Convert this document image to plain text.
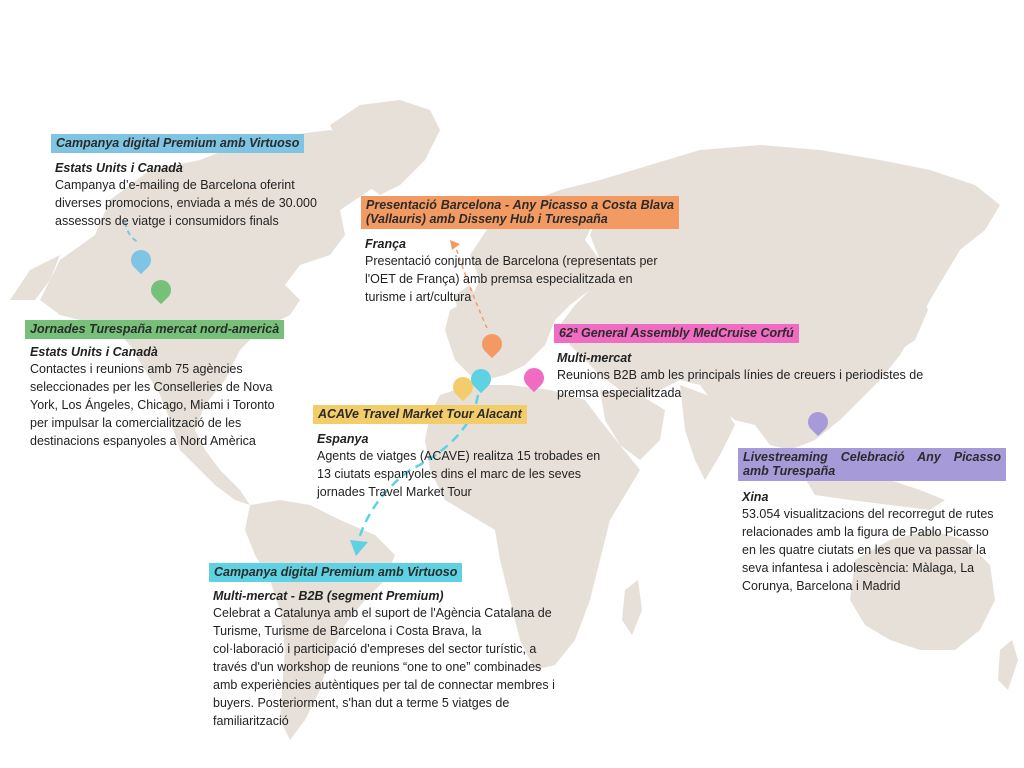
Campanya digital Premium amb Virtuoso
Estats Units i Canadà
Campanya d’e-mailing de Barcelona oferint diverses promocions, enviada a més de 30.000 assessors de viatge i consumidors finals
Jornades Turespaña mercat nord-americà
Estats Units i Canadà
Contactes i reunions amb 75 agències seleccionades per les Conselleries de Nova York, Los Ángeles, Chicago, Miami i Toronto per impulsar la comercialització de les destinacions espanyoles a Nord Amèrica
Presentació Barcelona - Any Picasso a Costa Blava (Vallauris) amb Disseny Hub i Turespaña
França
Presentació conjunta de Barcelona (representats per l'OET de França) amb premsa especialitzada en turisme i art/cultura
62ª General Assembly MedCruise Corfú
Multi-mercat
Reunions B2B amb les principals línies de creuers i periodistes de premsa especialitzada
ACAVe Travel Market Tour Alacant
Espanya
Agents de viatges (ACAVE) realitza 15 trobades en 13 ciutats espanyoles dins el marc de les seves jornades Travel Market Tour
Livestreaming Celebració Any Picasso amb Turespaña
Xina
53.054 visualitzacions del recorregut de rutes relacionades amb la figura de Pablo Picasso en les quatre ciutats en les que va passar la seva infantesa i adolescència: Màlaga, La Corunya, Barcelona i Madrid
Campanya digital Premium amb Virtuoso
Multi-mercat - B2B (segment Premium)
Celebrat a Catalunya amb el suport de l'Agència Catalana de Turisme, Turisme de Barcelona i Costa Brava, la col·laboració i participació d'empreses del sector turístic, a través d'un workshop de reunions “one to one” combinades amb experiències autèntiques per tal de connectar membres i buyers. Posteriorment, s'han dut a terme 5 viatges de familiarització
